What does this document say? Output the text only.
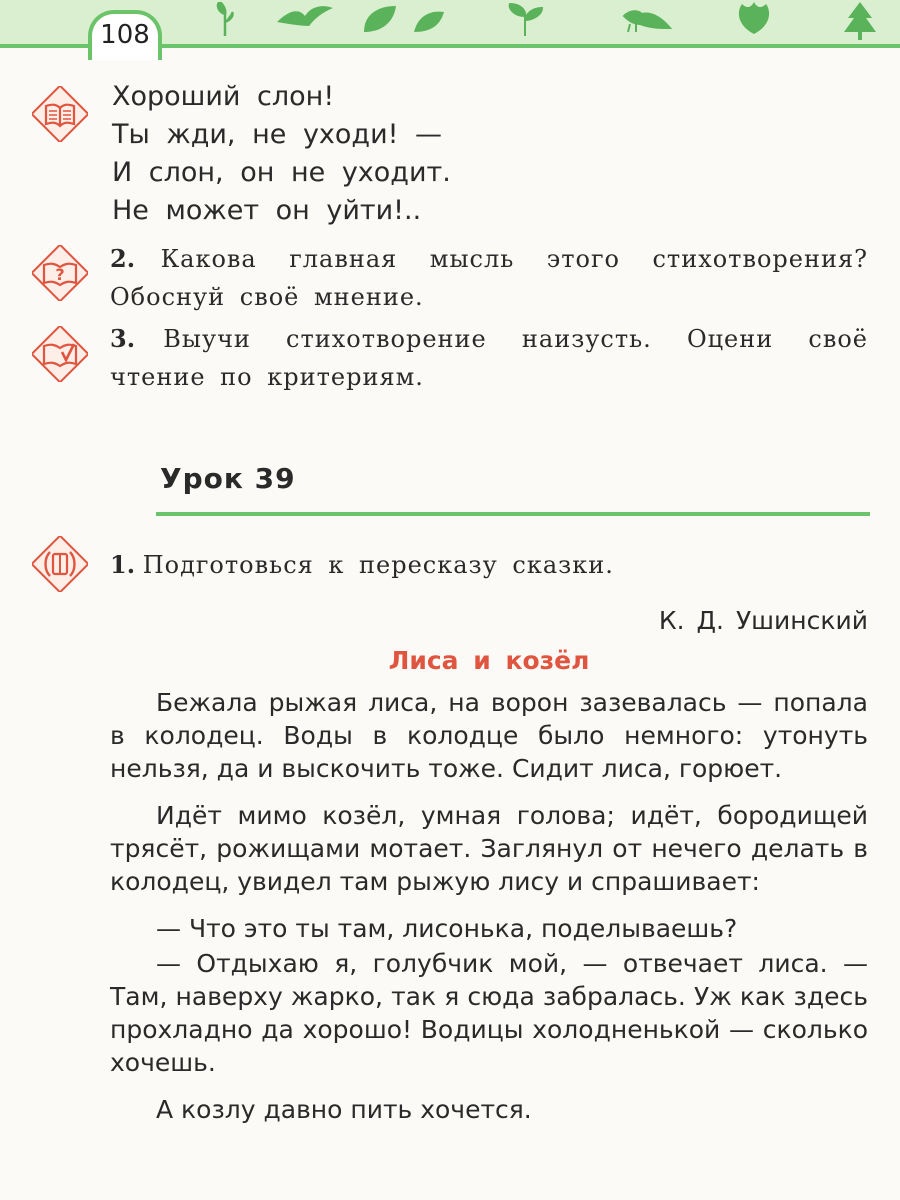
108
Хороший слон!
Ты жди, не уходи! —
И слон, он не уходит.
Не может он уйти!..
?
2. Какова главная мысль этого стихотворения? Обоснуй своё мнение.
3. Выучи стихотворение наизусть. Оцени своё чтение по критериям.
Урок 39
1. Подготовься к пересказу сказки.
К. Д. Ушинский
Лиса и козёл

Бежала рыжая лиса, на ворон зазевалась — попала в колодец. Воды в колодце было немного: утонуть нельзя, да и выскочить тоже. Сидит лиса, горюет.

Идёт мимо козёл, умная голова; идёт, бородищей трясёт, рожищами мотает. Заглянул от нечего делать в колодец, увидел там рыжую лису и спрашивает:

— Что это ты там, лисонька, поделываешь?

— Отдыхаю я, голубчик мой, — отвечает лиса. — Там, наверху жарко, так я сюда забралась. Уж как здесь прохладно да хорошо! Водицы холодненькой — сколько хочешь.

А козлу давно пить хочется.
